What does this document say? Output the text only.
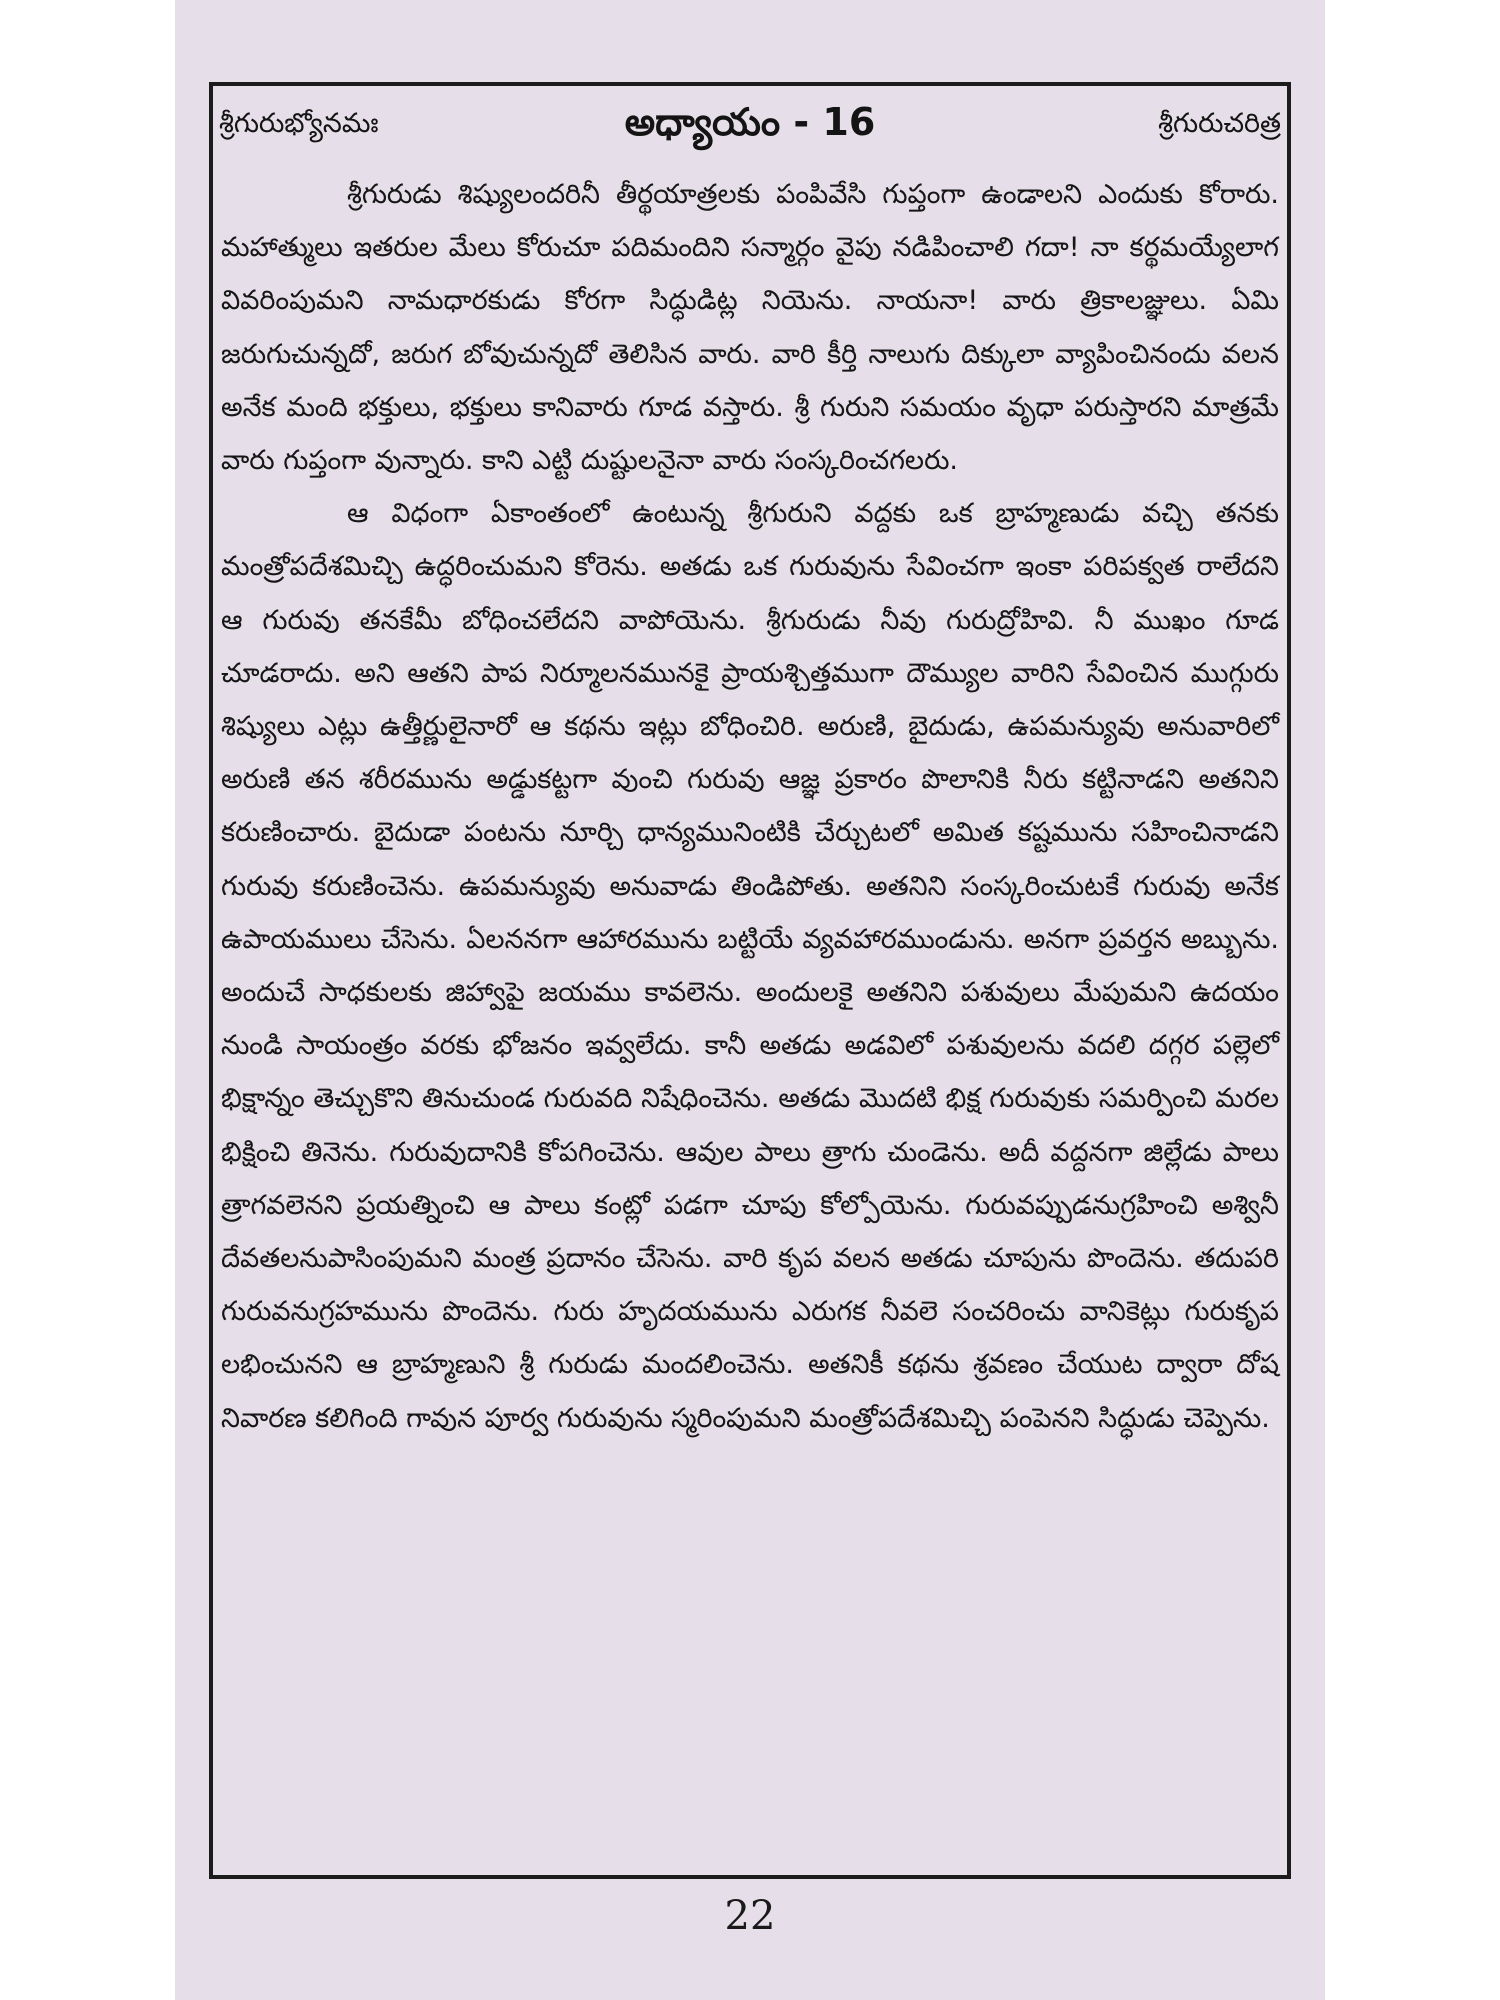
శ్రీగురుభ్యోనమః	అధ్యాయం - 16	శ్రీగురుచరిత్ర

శ్రీగురుడు శిష్యులందరినీ తీర్థయాత్రలకు పంపివేసి గుప్తంగా ఉండాలని ఎందుకు కోరారు. మహాత్ములు ఇతరుల మేలు కోరుచూ పదిమందిని సన్మార్గం వైపు నడిపించాలి గదా! నా కర్థమయ్యేలాగ వివరింపుమని నామధారకుడు కోరగా సిద్ధుడిట్ల నియెను. నాయనా! వారు త్రికాలజ్ఞులు. ఏమి జరుగుచున్నదో, జరుగ బోవుచున్నదో తెలిసిన వారు. వారి కీర్తి నాలుగు దిక్కులా వ్యాపించినందు వలన అనేక మంది భక్తులు, భక్తులు కానివారు గూడ వస్తారు. శ్రీ గురుని సమయం వృధా పరుస్తారని మాత్రమే వారు గుప్తంగా వున్నారు. కాని ఎట్టి దుష్టులనైనా వారు సంస్కరించగలరు.

ఆ విధంగా ఏకాంతంలో ఉంటున్న శ్రీగురుని వద్దకు ఒక బ్రాహ్మణుడు వచ్చి తనకు మంత్రోపదేశమిచ్చి ఉద్ధరించుమని కోరెను. అతడు ఒక గురువును సేవించగా ఇంకా పరిపక్వత రాలేదని ఆ గురువు తనకేమీ బోధించలేదని వాపోయెను. శ్రీగురుడు నీవు గురుద్రోహివి. నీ ముఖం గూడ చూడరాదు. అని ఆతని పాప నిర్మూలనమునకై ప్రాయశ్చిత్తముగా దౌమ్యుల వారిని సేవించిన ముగ్గురు శిష్యులు ఎట్లు ఉత్తీర్ణులైనారో ఆ కథను ఇట్లు బోధించిరి. అరుణి, బైదుడు, ఉపమన్యువు అనువారిలో అరుణి తన శరీరమును అడ్డుకట్టగా వుంచి గురువు ఆజ్ఞ ప్రకారం పొలానికి నీరు కట్టినాడని అతనిని కరుణించారు. బైదుడా పంటను నూర్చి ధాన్యమునింటికి చేర్చుటలో అమిత కష్టమును సహించినాడని గురువు కరుణించెను. ఉపమన్యువు అనువాడు తిండిపోతు. అతనిని సంస్కరించుటకే గురువు అనేక ఉపాయములు చేసెను. ఏలననగా ఆహారమును బట్టియే వ్యవహారముండును. అనగా ప్రవర్తన అబ్బును. అందుచే సాధకులకు జిహ్వాపై జయము కావలెను. అందులకై అతనిని పశువులు మేపుమని ఉదయం నుండి సాయంత్రం వరకు భోజనం ఇవ్వలేదు. కానీ అతడు అడవిలో పశువులను వదలి దగ్గర పల్లెలో భిక్షాన్నం తెచ్చుకొని తినుచుండ గురువది నిషేధించెను. అతడు మొదటి భిక్ష గురువుకు సమర్పించి మరల భిక్షించి తినెను. గురువుదానికి కోపగించెను. ఆవుల పాలు త్రాగు చుండెను. అదీ వద్దనగా జిల్లేడు పాలు త్రాగవలెనని ప్రయత్నించి ఆ పాలు కంట్లో పడగా చూపు కోల్పోయెను. గురువప్పుడనుగ్రహించి అశ్వినీ దేవతలనుపాసింపుమని మంత్ర ప్రదానం చేసెను. వారి కృప వలన అతడు చూపును పొందెను. తదుపరి గురువనుగ్రహమును పొందెను. గురు హృదయమును ఎరుగక నీవలె సంచరించు వానికెట్లు గురుకృప లభించునని ఆ బ్రాహ్మణుని శ్రీ గురుడు మందలించెను. అతనికీ కథను శ్రవణం చేయుట ద్వారా దోష నివారణ కలిగింది గావున పూర్వ గురువును స్మరింపుమని మంత్రోపదేశమిచ్చి పంపెనని సిద్ధుడు చెప్పెను.

22
